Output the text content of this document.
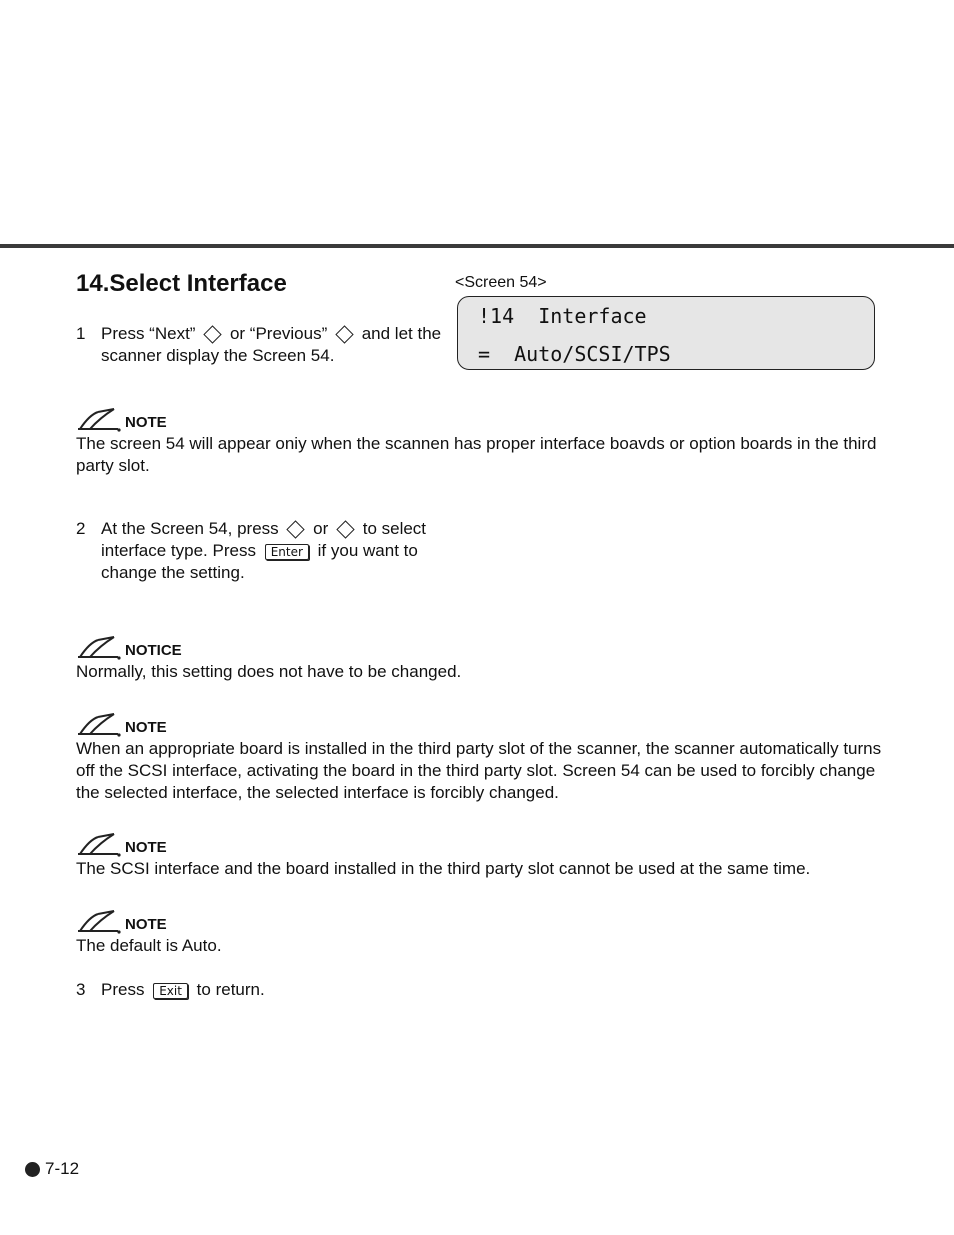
14.Select Interface	<Screen 54>
!14  Interface
=  Auto/SCSI/TPS
1 Press “Next” or “Previous” and let the scanner display the Screen 54.
NOTE
The screen 54 will appear oniy when the scannen has proper interface boavds or option boards in the third party slot.
2 At the Screen 54, press or to select interface type. Press Enter if you want to change the setting.
NOTICE
Normally, this setting does not have to be changed.
NOTE
When an appropriate board is installed in the third party slot of the scanner, the scanner automatically turns off the SCSI interface, activating the board in the third party slot. Screen 54 can be used to forcibly change the selected interface, the selected interface is forcibly changed.
NOTE
The SCSI interface and the board installed in the third party slot cannot be used at the same time.
NOTE
The default is Auto.
3 Press Exit to return.
7-12
